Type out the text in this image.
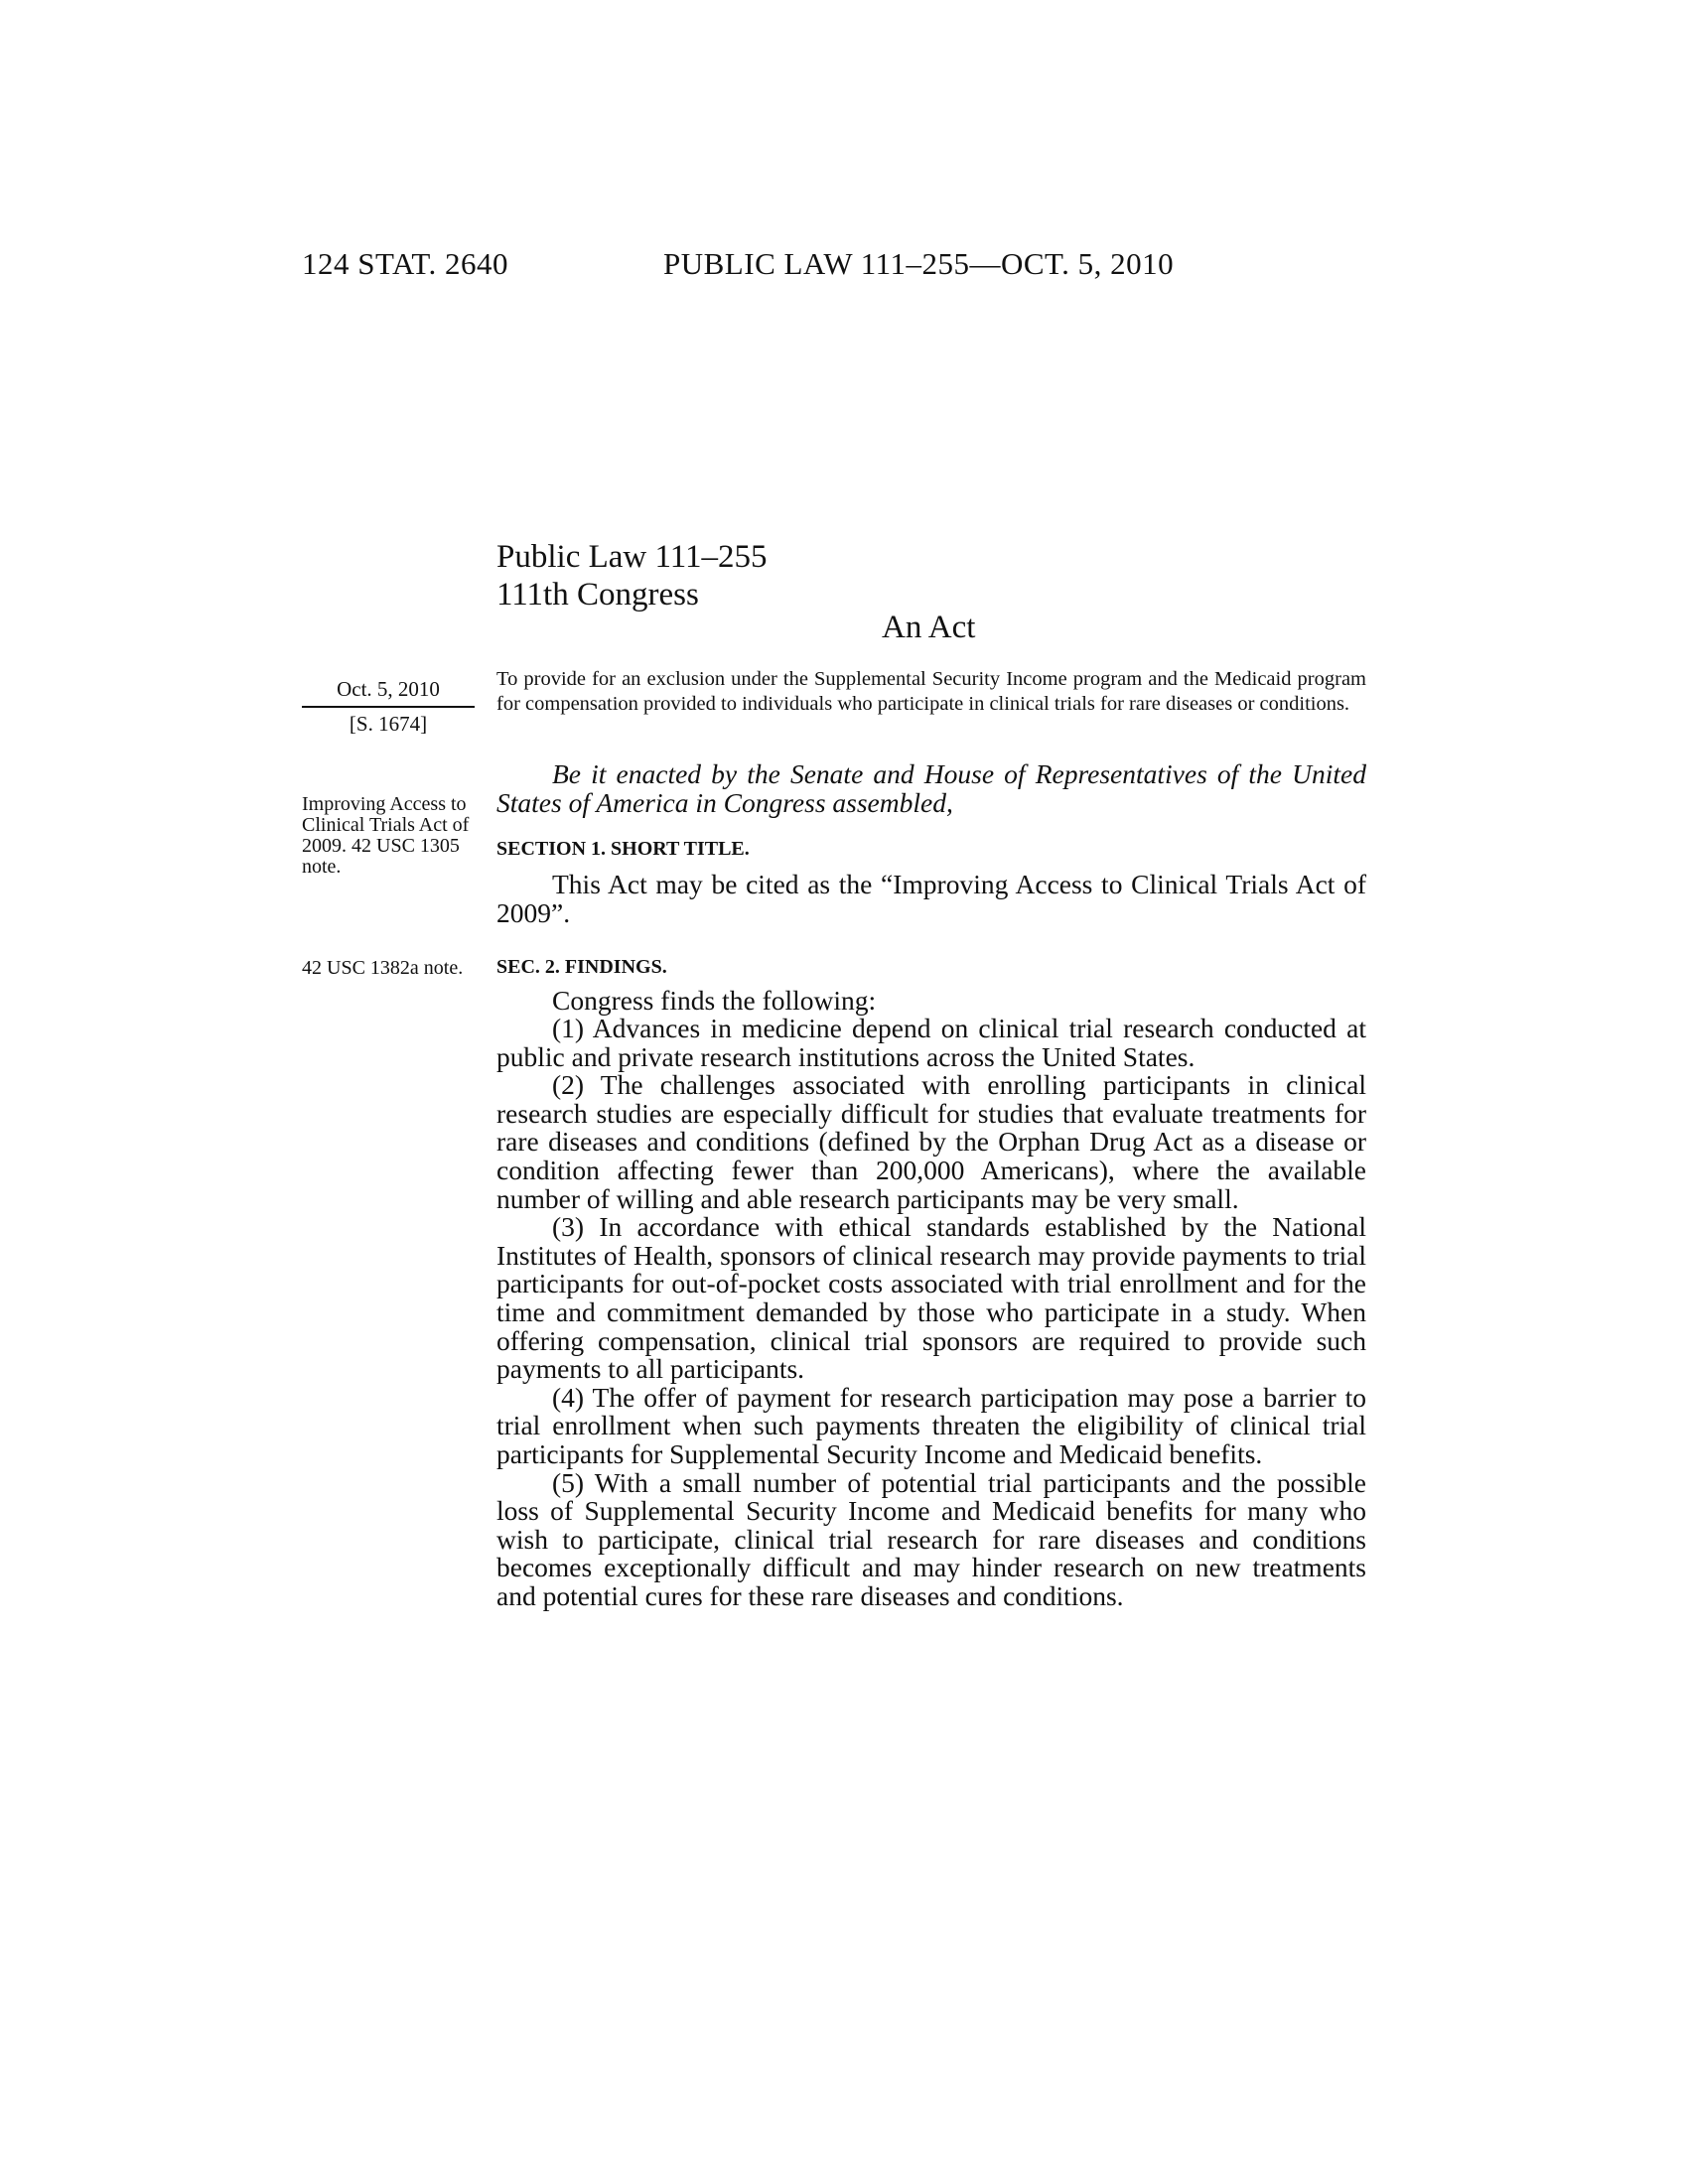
124 STAT. 2640	PUBLIC LAW 111–255—OCT. 5, 2010
Public Law 111–255
111th Congress
An Act
Oct. 5, 2010
[S. 1674]
Improving Access to Clinical Trials Act of 2009. 42 USC 1305 note.
42 USC 1382a note.
To provide for an exclusion under the Supplemental Security Income program and the Medicaid program for compensation provided to individuals who participate in clinical trials for rare diseases or conditions.
Be it enacted by the Senate and House of Representatives of the United States of America in Congress assembled,
SECTION 1. SHORT TITLE.
This Act may be cited as the “Improving Access to Clinical Trials Act of 2009”.
SEC. 2. FINDINGS.
Congress finds the following:
(1) Advances in medicine depend on clinical trial research conducted at public and private research institutions across the United States.
(2) The challenges associated with enrolling participants in clinical research studies are especially difficult for studies that evaluate treatments for rare diseases and conditions (defined by the Orphan Drug Act as a disease or condition affecting fewer than 200,000 Americans), where the available number of willing and able research participants may be very small.
(3) In accordance with ethical standards established by the National Institutes of Health, sponsors of clinical research may provide payments to trial participants for out-of-pocket costs associated with trial enrollment and for the time and commitment demanded by those who participate in a study. When offering compensation, clinical trial sponsors are required to provide such payments to all participants.
(4) The offer of payment for research participation may pose a barrier to trial enrollment when such payments threaten the eligibility of clinical trial participants for Supplemental Security Income and Medicaid benefits.
(5) With a small number of potential trial participants and the possible loss of Supplemental Security Income and Medicaid benefits for many who wish to participate, clinical trial research for rare diseases and conditions becomes exceptionally difficult and may hinder research on new treatments and potential cures for these rare diseases and conditions.
